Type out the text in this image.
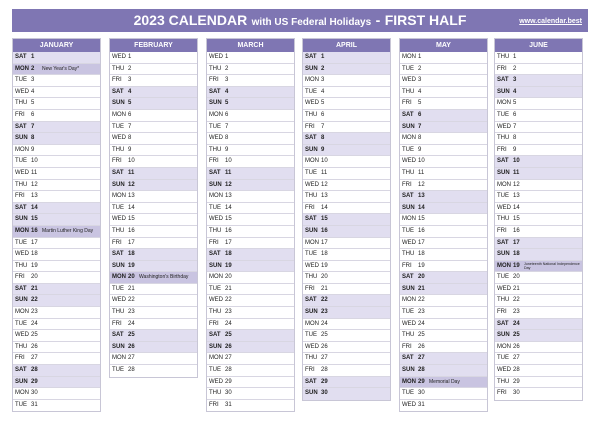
2023 CALENDAR with US Federal Holidays - FIRST HALF	www.calendar.best
JANUARY
SAT 1
MON 2	New Year's Day*
TUE 3
WED 4
THU 5
FRI	6
SAT 7
SUN 8
MON 9
TUE 10
WED 11
THU 12
FRI	13
SAT 14
SUN 15
MON 16 Martin Luther King Day
TUE 17
WED 18
THU 19
FRI	20
SAT 21
SUN 22
MON 23
TUE 24
WED 25
THU 26
FRI	27
SAT 28
SUN 29
MON 30
TUE 31
FEBRUARY
WED 1
THU 2
FRI	3
SAT 4
SUN 5
MON 6
TUE 7
WED 8
THU 9
FRI	10
SAT 11
SUN 12
MON 13
TUE 14
WED 15
THU 16
FRI	17
SAT 18
SUN 19
MON 20 Washington's Birthday
TUE 21
WED 22
THU 23
FRI	24
SAT 25
SUN 26
MON 27
TUE 28
MARCH
WED 1
THU 2
FRI	3
SAT 4
SUN 5
MON 6
TUE 7
WED 8
THU 9
FRI	10
SAT 11
SUN 12
MON 13
TUE 14
WED 15
THU 16
FRI	17
SAT 18
SUN 19
MON 20
TUE 21
WED 22
THU 23
FRI	24
SAT 25
SUN 26
MON 27
TUE 28
WED 29
THU 30
FRI	31
APRIL
SAT 1
SUN 2
MON 3
TUE 4
WED 5
THU 6
FRI	7
SAT 8
SUN 9
MON 10
TUE 11
WED 12
THU 13
FRI	14
SAT 15
SUN 16
MON 17
TUE 18
WED 19
THU 20
FRI	21
SAT 22
SUN 23
MON 24
TUE 25
WED 26
THU 27
FRI	28
SAT 29
SUN 30
MAY
MON 1
TUE 2
WED 3
THU 4
FRI	5
SAT 6
SUN 7
MON 8
TUE 9
WED 10
THU 11
FRI	12
SAT 13
SUN 14
MON 15
TUE 16
WED 17
THU 18
FRI	19
SAT 20
SUN 21
MON 22
TUE 23
WED 24
THU 25
FRI	26
SAT 27
SUN 28
MON 29 Memorial Day
TUE 30
WED 31
JUNE
THU 1
FRI	2
SAT 3
SUN 4
MON 5
TUE 6
WED 7
THU 8
FRI	9
SAT 10
SUN 11
MON 12
TUE 13
WED 14
THU 15
FRI	16
SAT 17
SUN 18
MON 19	Juneteenth National Independence Day
TUE 20
WED 21
THU 22
FRI	23
SAT 24
SUN 25
MON 26
TUE 27
WED 28
THU 29
FRI	30
